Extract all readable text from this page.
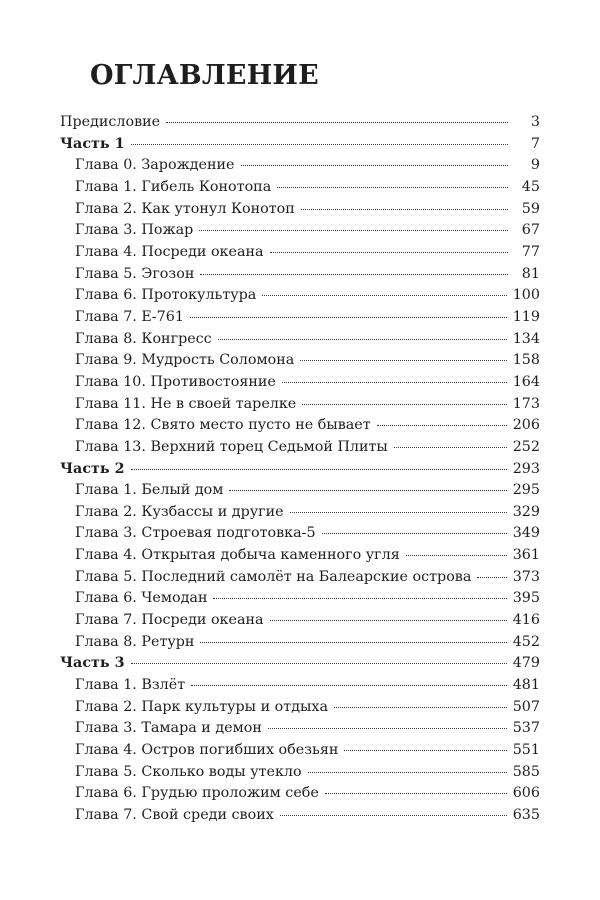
ОГЛАВЛЕНИЕ
Предисловие	3
Часть 1	7
Глава 0. Зарождение	9
Глава 1. Гибель Конотопа	45
Глава 2. Как утонул Конотоп	59
Глава 3. Пожар	67
Глава 4. Посреди океана	77
Глава 5. Эгозон	81
Глава 6. Протокультура	100
Глава 7. Е-761	119
Глава 8. Конгресс	134
Глава 9. Мудрость Соломона	158
Глава 10. Противостояние	164
Глава 11. Не в своей тарелке	173
Глава 12. Свято место пусто не бывает	206
Глава 13. Верхний торец Седьмой Плиты	252
Часть 2	293
Глава 1. Белый дом	295
Глава 2. Кузбассы и другие	329
Глава 3. Строевая подготовка-5	349
Глава 4. Открытая добыча каменного угля	361
Глава 5. Последний самолёт на Балеарские острова	373
Глава 6. Чемодан	395
Глава 7. Посреди океана	416
Глава 8. Ретурн	452
Часть 3	479
Глава 1. Взлёт	481
Глава 2. Парк культуры и отдыха	507
Глава 3. Тамара и демон	537
Глава 4. Остров погибших обезьян	551
Глава 5. Сколько воды утекло	585
Глава 6. Грудью проложим себе	606
Глава 7. Свой среди своих	635
